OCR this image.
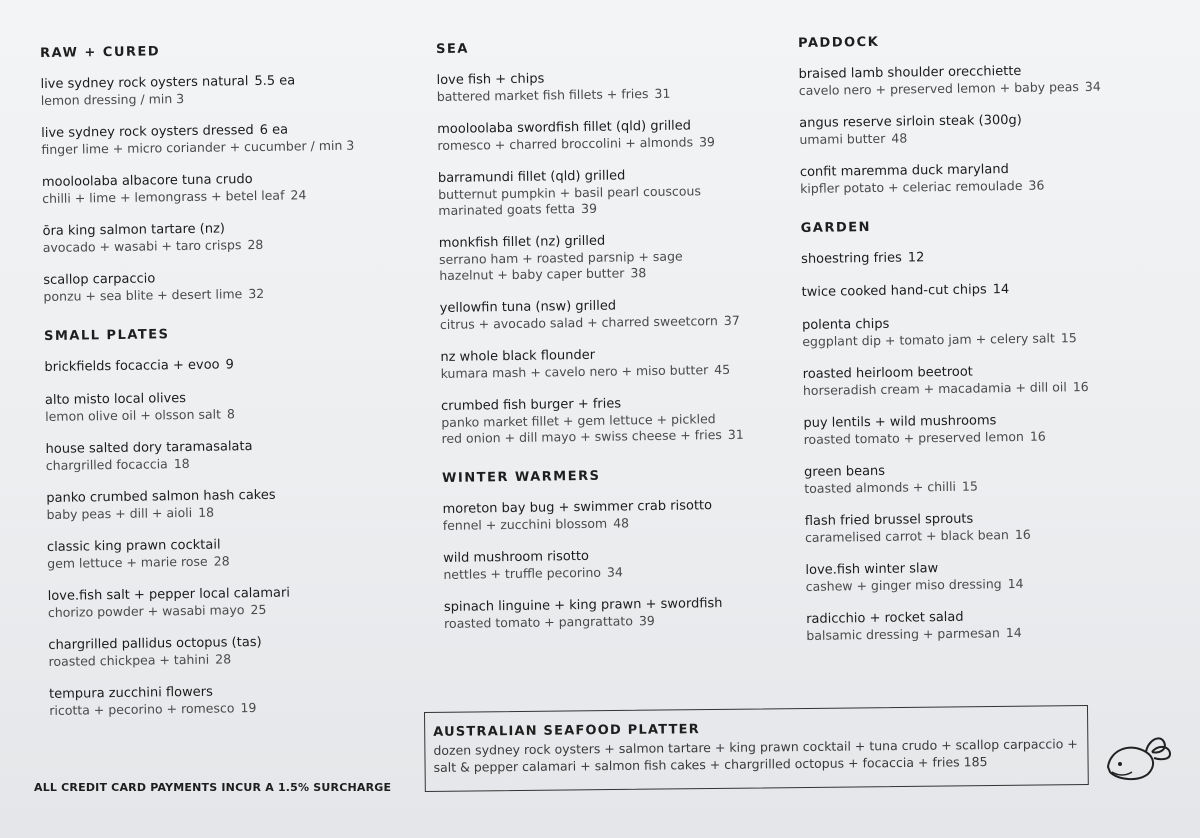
RAW + CURED
live sydney rock oysters natural 5.5 ea
lemon dressing / min 3
live sydney rock oysters dressed 6 ea
finger lime + micro coriander + cucumber / min 3
mooloolaba albacore tuna crudo
chilli + lime + lemongrass + betel leaf 24
ōra king salmon tartare (nz)
avocado + wasabi + taro crisps 28
scallop carpaccio
ponzu + sea blite + desert lime 32
SMALL PLATES
brickfields focaccia + evoo 9
alto misto local olives
lemon olive oil + olsson salt 8
house salted dory taramasalata
chargrilled focaccia 18
panko crumbed salmon hash cakes
baby peas + dill + aioli 18
classic king prawn cocktail
gem lettuce + marie rose 28
love.fish salt + pepper local calamari
chorizo powder + wasabi mayo 25
chargrilled pallidus octopus (tas)
roasted chickpea + tahini 28
tempura zucchini flowers
ricotta + pecorino + romesco 19
SEA
love fish + chips
battered market fish fillets + fries 31
mooloolaba swordfish fillet (qld) grilled
romesco + charred broccolini + almonds 39
barramundi fillet (qld) grilled
butternut pumpkin + basil pearl couscous
marinated goats fetta 39
monkfish fillet (nz) grilled
serrano ham + roasted parsnip + sage
hazelnut + baby caper butter 38
yellowfin tuna (nsw) grilled
citrus + avocado salad + charred sweetcorn 37
nz whole black flounder
kumara mash + cavelo nero + miso butter 45
crumbed fish burger + fries
panko market fillet + gem lettuce + pickled
red onion + dill mayo + swiss cheese + fries 31
WINTER WARMERS
moreton bay bug + swimmer crab risotto
fennel + zucchini blossom 48
wild mushroom risotto
nettles + truffle pecorino 34
spinach linguine + king prawn + swordfish
roasted tomato + pangrattato 39
PADDOCK
braised lamb shoulder orecchiette
cavelo nero + preserved lemon + baby peas 34
angus reserve sirloin steak (300g)
umami butter 48
confit maremma duck maryland
kipfler potato + celeriac remoulade 36
GARDEN
shoestring fries 12
twice cooked hand-cut chips 14
polenta chips
eggplant dip + tomato jam + celery salt 15
roasted heirloom beetroot
horseradish cream + macadamia + dill oil 16
puy lentils + wild mushrooms
roasted tomato + preserved lemon 16
green beans
toasted almonds + chilli 15
flash fried brussel sprouts
caramelised carrot + black bean 16
love.fish winter slaw
cashew + ginger miso dressing 14
radicchio + rocket salad
balsamic dressing + parmesan 14
ALL CREDIT CARD PAYMENTS INCUR A 1.5% SURCHARGE
AUSTRALIAN SEAFOOD PLATTER
dozen sydney rock oysters + salmon tartare + king prawn cocktail + tuna crudo + scallop carpaccio +
salt & pepper calamari + salmon fish cakes + chargrilled octopus + focaccia + fries 185
